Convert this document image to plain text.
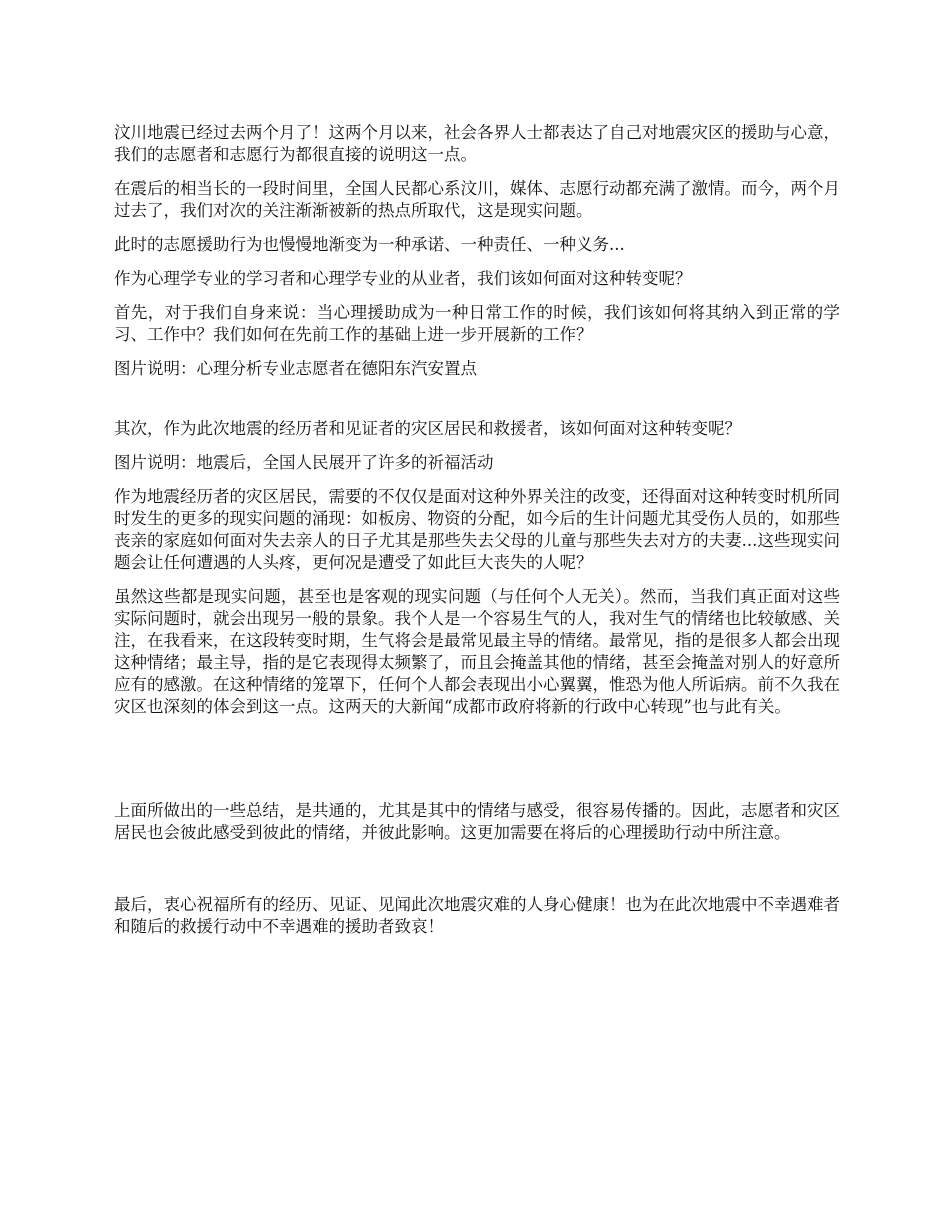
汶川地震已经过去两个月了！这两个月以来，社会各界人士都表达了自己对地震灾区的援助与心意，我们的志愿者和志愿行为都很直接的说明这一点。

在震后的相当长的一段时间里，全国人民都心系汶川，媒体、志愿行动都充满了激情。而今，两个月过去了，我们对次的关注渐渐被新的热点所取代，这是现实问题。

此时的志愿援助行为也慢慢地渐变为一种承诺、一种责任、一种义务...

作为心理学专业的学习者和心理学专业的从业者，我们该如何面对这种转变呢？

首先，对于我们自身来说：当心理援助成为一种日常工作的时候，我们该如何将其纳入到正常的学习、工作中？我们如何在先前工作的基础上进一步开展新的工作？

图片说明：心理分析专业志愿者在德阳东汽安置点

其次，作为此次地震的经历者和见证者的灾区居民和救援者，该如何面对这种转变呢？

图片说明：地震后，全国人民展开了许多的祈福活动

作为地震经历者的灾区居民，需要的不仅仅是面对这种外界关注的改变，还得面对这种转变时机所同时发生的更多的现实问题的涌现：如板房、物资的分配，如今后的生计问题尤其受伤人员的，如那些丧亲的家庭如何面对失去亲人的日子尤其是那些失去父母的儿童与那些失去对方的夫妻...这些现实问题会让任何遭遇的人头疼，更何况是遭受了如此巨大丧失的人呢？

虽然这些都是现实问题，甚至也是客观的现实问题（与任何个人无关）。然而，当我们真正面对这些实际问题时，就会出现另一般的景象。我个人是一个容易生气的人，我对生气的情绪也比较敏感、关注，在我看来，在这段转变时期，生气将会是最常见最主导的情绪。最常见，指的是很多人都会出现这种情绪；最主导，指的是它表现得太频繁了，而且会掩盖其他的情绪，甚至会掩盖对别人的好意所应有的感激。在这种情绪的笼罩下，任何个人都会表现出小心翼翼，惟恐为他人所诟病。前不久我在灾区也深刻的体会到这一点。这两天的大新闻“成都市政府将新的行政中心转现”也与此有关。

上面所做出的一些总结，是共通的，尤其是其中的情绪与感受，很容易传播的。因此，志愿者和灾区居民也会彼此感受到彼此的情绪，并彼此影响。这更加需要在将后的心理援助行动中所注意。

最后，衷心祝福所有的经历、见证、见闻此次地震灾难的人身心健康！也为在此次地震中不幸遇难者和随后的救援行动中不幸遇难的援助者致哀！
